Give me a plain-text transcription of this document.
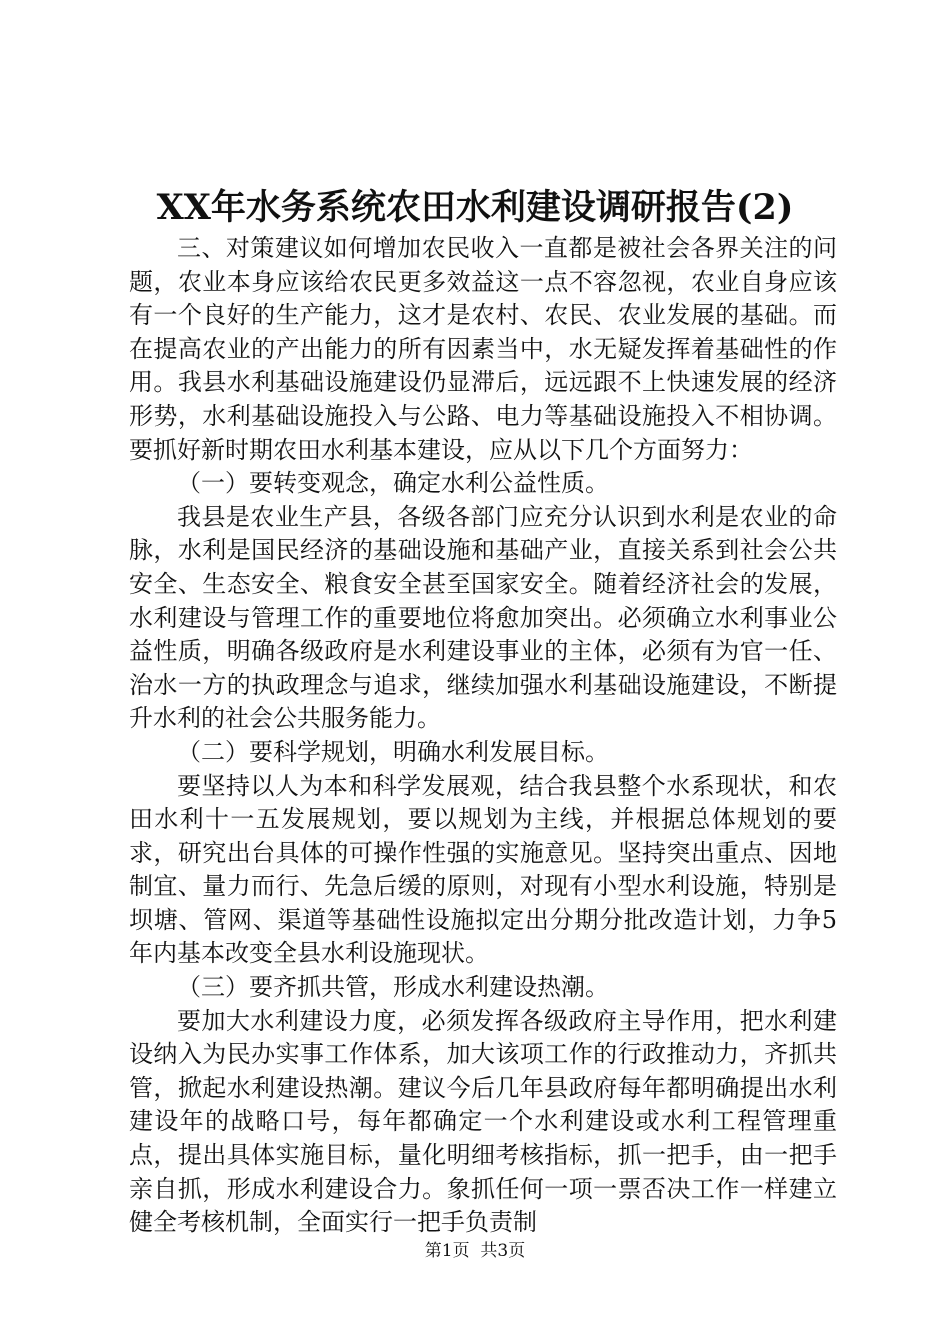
XX年水务系统农田水利建设调研报告(2)

三、对策建议如何增加农民收入一直都是被社会各界关注的问题，农业本身应该给农民更多效益这一点不容忽视，农业自身应该有一个良好的生产能力，这才是农村、农民、农业发展的基础。而在提高农业的产出能力的所有因素当中，水无疑发挥着基础性的作用。我县水利基础设施建设仍显滞后，远远跟不上快速发展的经济形势，水利基础设施投入与公路、电力等基础设施投入不相协调。要抓好新时期农田水利基本建设，应从以下几个方面努力：

（一）要转变观念，确定水利公益性质。

我县是农业生产县，各级各部门应充分认识到水利是农业的命脉，水利是国民经济的基础设施和基础产业，直接关系到社会公共安全、生态安全、粮食安全甚至国家安全。随着经济社会的发展，水利建设与管理工作的重要地位将愈加突出。必须确立水利事业公益性质，明确各级政府是水利建设事业的主体，必须有为官一任、治水一方的执政理念与追求，继续加强水利基础设施建设，不断提升水利的社会公共服务能力。

（二）要科学规划，明确水利发展目标。

要坚持以人为本和科学发展观，结合我县整个水系现状，和农田水利十一五发展规划，要以规划为主线，并根据总体规划的要求，研究出台具体的可操作性强的实施意见。坚持突出重点、因地制宜、量力而行、先急后缓的原则，对现有小型水利设施，特别是坝塘、管网、渠道等基础性设施拟定出分期分批改造计划，力争5年内基本改变全县水利设施现状。

（三）要齐抓共管，形成水利建设热潮。

要加大水利建设力度，必须发挥各级政府主导作用，把水利建设纳入为民办实事工作体系，加大该项工作的行政推动力，齐抓共管，掀起水利建设热潮。建议今后几年县政府每年都明确提出水利建设年的战略口号，每年都确定一个水利建设或水利工程管理重点，提出具体实施目标，量化明细考核指标，抓一把手，由一把手亲自抓，形成水利建设合力。象抓任何一项一票否决工作一样建立健全考核机制，全面实行一把手负责制

第1页  共3页
